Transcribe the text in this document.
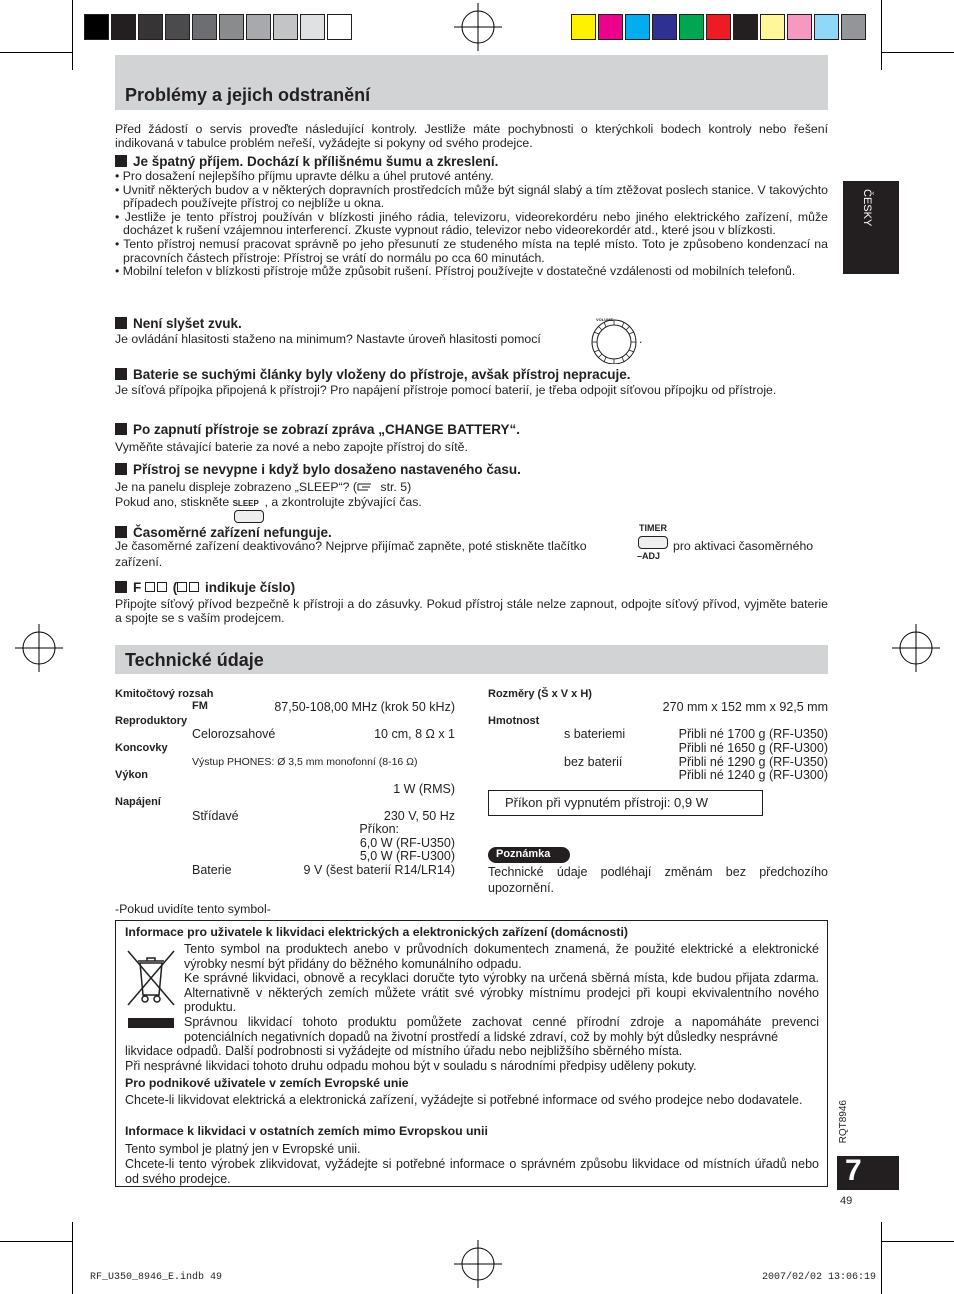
ČESKY
Problémy a jejich odstranění
Před žádostí o servis proveďte následující kontroly. Jestliže máte pochybnosti o kterýchkoli bodech kontroly nebo řešení indikovaná v tabulce problém neřeší, vyžádejte si pokyny od svého prodejce.
Je špatný příjem. Dochází k přílišnému šumu a zkreslení.

• Pro dosažení nejlepšího příjmu upravte délku a úhel prutové antény.

• Uvnitř některých budov a v některých dopravních prostředcích může být signál slabý a tím ztěžovat poslech stanice. V takovýchto případech používejte přístroj co nejblíže u okna.

• Jestliže je tento přístroj používán v blízkosti jiného rádia, televizoru, videorekordéru nebo jiného elektrického zařízení, může docházet k rušení vzájemnou interferencí. Zkuste vypnout rádio, televizor nebo videorekordér atd., které jsou v blízkosti.

• Tento přístroj nemusí pracovat správně po jeho přesunutí ze studeného místa na teplé místo. Toto je způsobeno kondenzací na pracovních částech přístroje: Přístroj se vrátí do normálu po cca 60 minutách.

• Mobilní telefon v blízkosti přístroje může způsobit rušení. Přístroj používejte v dostatečné vzdálenosti od mobilních telefonů.

Není slyšet zvuk.
Je ovládání hlasitosti staženo na minimum? Nastavte úroveň hlasitosti pomocí
VOLUME
.
Baterie se suchými články byly vloženy do přístroje, avšak přístroj nepracuje.
Je síťová přípojka připojená k přístroji? Pro napájení přístroje pomocí baterií, je třeba odpojit síťovou přípojku od přístroje.
Po zapnutí přístroje se zobrazí zpráva „CHANGE BATTERY“.
Vyměňte stávající baterie za nové a nebo zapojte přístroj do sítě.
Přístroj se nevypne i když bylo dosaženo nastaveného času.
Je na panelu displeje zobrazeno „SLEEP“? ( str. 5)
Pokud ano, stiskněte SLEEP , a zkontrolujte zbývající čas.
Časoměrné zařízení nefunguje.
Je časoměrné zařízení deaktivováno? Nejprve přijímač zapněte, poté stiskněte tlačítko
TIMER
–ADJ
pro aktivaci časoměrného
zařízení.
F ( indikuje číslo)
Připojte síťový přívod bezpečně k přístroji a do zásuvky. Pokud přístroj stále nelze zapnout, odpojte síťový přívod, vyjměte baterie a spojte se s vaším prodejcem.
Technické údaje
Kmitočtový rozsah
FM	87,50-108,00 MHz (krok 50 kHz)
Reproduktory
Celorozsahové	10 cm, 8 Ω x 1
Koncovky
Výstup PHONES: Ø 3,5 mm monofonní (8-16 Ω)
Výkon
1 W (RMS)
Napájení
Střídavé	230 V, 50 Hz
Příkon:
6,0 W (RF-U350)
5,0 W (RF-U300)
Baterie	9 V (šest baterií R14/LR14)
Rozměry (Š x V x H)
270 mm x 152 mm x 92,5 mm
Hmotnost
s bateriemi	Přibli né 1700 g (RF-U350)
Přibli né 1650 g (RF-U300)
bez baterií	Přibli né 1290 g (RF-U350)
Přibli né 1240 g (RF-U300)
Příkon při vypnutém přístroji: 0,9 W
Poznámka
Technické údaje podléhají změnám bez předchozího upozornění.
-Pokud uvidíte tento symbol-
Informace pro uživatele k likvidaci elektrických a elektronických zařízení (domácnosti)
Tento symbol na produktech anebo v průvodních dokumentech znamená, že použité elektrické a elektronické výrobky nesmí být přidány do běžného komunálního odpadu.
Ke správné likvidaci, obnově a recyklaci doručte tyto výrobky na určená sběrná místa, kde budou přijata zdarma. Alternativně v některých zemích můžete vrátit své výrobky místnímu prodejci při koupi ekvivalentního nového produktu.
Správnou likvidací tohoto produktu pomůžete zachovat cenné přírodní zdroje a napomáháte prevenci potenciálních negativních dopadů na životní prostředí a lidské zdraví, což by mohly být důsledky nesprávné
likvidace odpadů. Další podrobnosti si vyžádejte od místního úřadu nebo nejbližšího sběrného místa.
Při nesprávné likvidaci tohoto druhu odpadu mohou být v souladu s národními předpisy uděleny pokuty.
Pro podnikové uživatele v zemích Evropské unie
Chcete-li likvidovat elektrická a elektronická zařízení, vyžádejte si potřebné informace od svého prodejce nebo dodavatele.
Informace k likvidaci v ostatních zemích mimo Evropskou unii
Tento symbol je platný jen v Evropské unii.
Chcete-li tento výrobek zlikvidovat, vyžádejte si potřebné informace o správném způsobu likvidace od místních úřadů nebo od svého prodejce.
RQT8946
7
49
RF_U350_8946_E.indb 49	2007/02/02 13:06:19
